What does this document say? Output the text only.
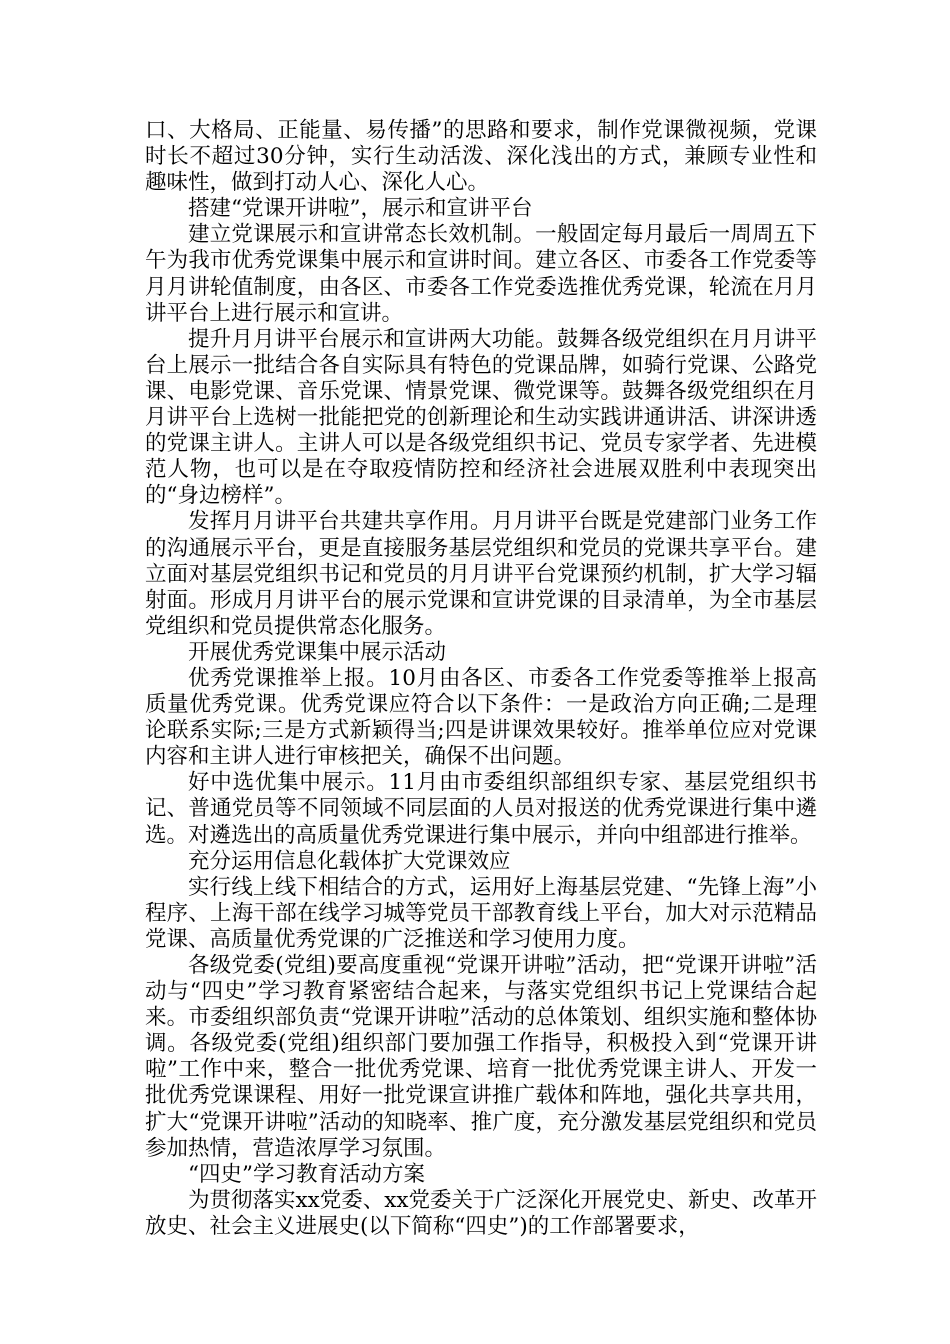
口、大格局、正能量、易传播”的思路和要求，制作党课微视频，党课时长不超过30分钟，实行生动活泼、深化浅出的方式，兼顾专业性和趣味性，做到打动人心、深化人心。

搭建“党课开讲啦”，展示和宣讲平台

建立党课展示和宣讲常态长效机制。一般固定每月最后一周周五下午为我市优秀党课集中展示和宣讲时间。建立各区、市委各工作党委等月月讲轮值制度，由各区、市委各工作党委选推优秀党课，轮流在月月讲平台上进行展示和宣讲。

提升月月讲平台展示和宣讲两大功能。鼓舞各级党组织在月月讲平台上展示一批结合各自实际具有特色的党课品牌，如骑行党课、公路党课、电影党课、音乐党课、情景党课、微党课等。鼓舞各级党组织在月月讲平台上选树一批能把党的创新理论和生动实践讲通讲活、讲深讲透的党课主讲人。主讲人可以是各级党组织书记、党员专家学者、先进模范人物，也可以是在夺取疫情防控和经济社会进展双胜利中表现突出的“身边榜样”。

发挥月月讲平台共建共享作用。月月讲平台既是党建部门业务工作的沟通展示平台，更是直接服务基层党组织和党员的党课共享平台。建立面对基层党组织书记和党员的月月讲平台党课预约机制，扩大学习辐射面。形成月月讲平台的展示党课和宣讲党课的目录清单，为全市基层党组织和党员提供常态化服务。

开展优秀党课集中展示活动

优秀党课推举上报。10月由各区、市委各工作党委等推举上报高质量优秀党课。优秀党课应符合以下条件：一是政治方向正确;二是理论联系实际;三是方式新颖得当;四是讲课效果较好。推举单位应对党课内容和主讲人进行审核把关，确保不出问题。

好中选优集中展示。11月由市委组织部组织专家、基层党组织书记、普通党员等不同领域不同层面的人员对报送的优秀党课进行集中遴选。对遴选出的高质量优秀党课进行集中展示，并向中组部进行推举。

充分运用信息化载体扩大党课效应

实行线上线下相结合的方式，运用好上海基层党建、“先锋上海”小程序、上海干部在线学习城等党员干部教育线上平台，加大对示范精品党课、高质量优秀党课的广泛推送和学习使用力度。

各级党委(党组)要高度重视“党课开讲啦”活动，把“党课开讲啦”活动与“四史”学习教育紧密结合起来，与落实党组织书记上党课结合起来。市委组织部负责“党课开讲啦”活动的总体策划、组织实施和整体协调。各级党委(党组)组织部门要加强工作指导，积极投入到“党课开讲啦”工作中来，整合一批优秀党课、培育一批优秀党课主讲人、开发一批优秀党课课程、用好一批党课宣讲推广载体和阵地，强化共享共用，扩大“党课开讲啦”活动的知晓率、推广度，充分激发基层党组织和党员参加热情，营造浓厚学习氛围。

“四史”学习教育活动方案

为贯彻落实xx党委、xx党委关于广泛深化开展党史、新史、改革开放史、社会主义进展史(以下简称“四史”)的工作部署要求，
